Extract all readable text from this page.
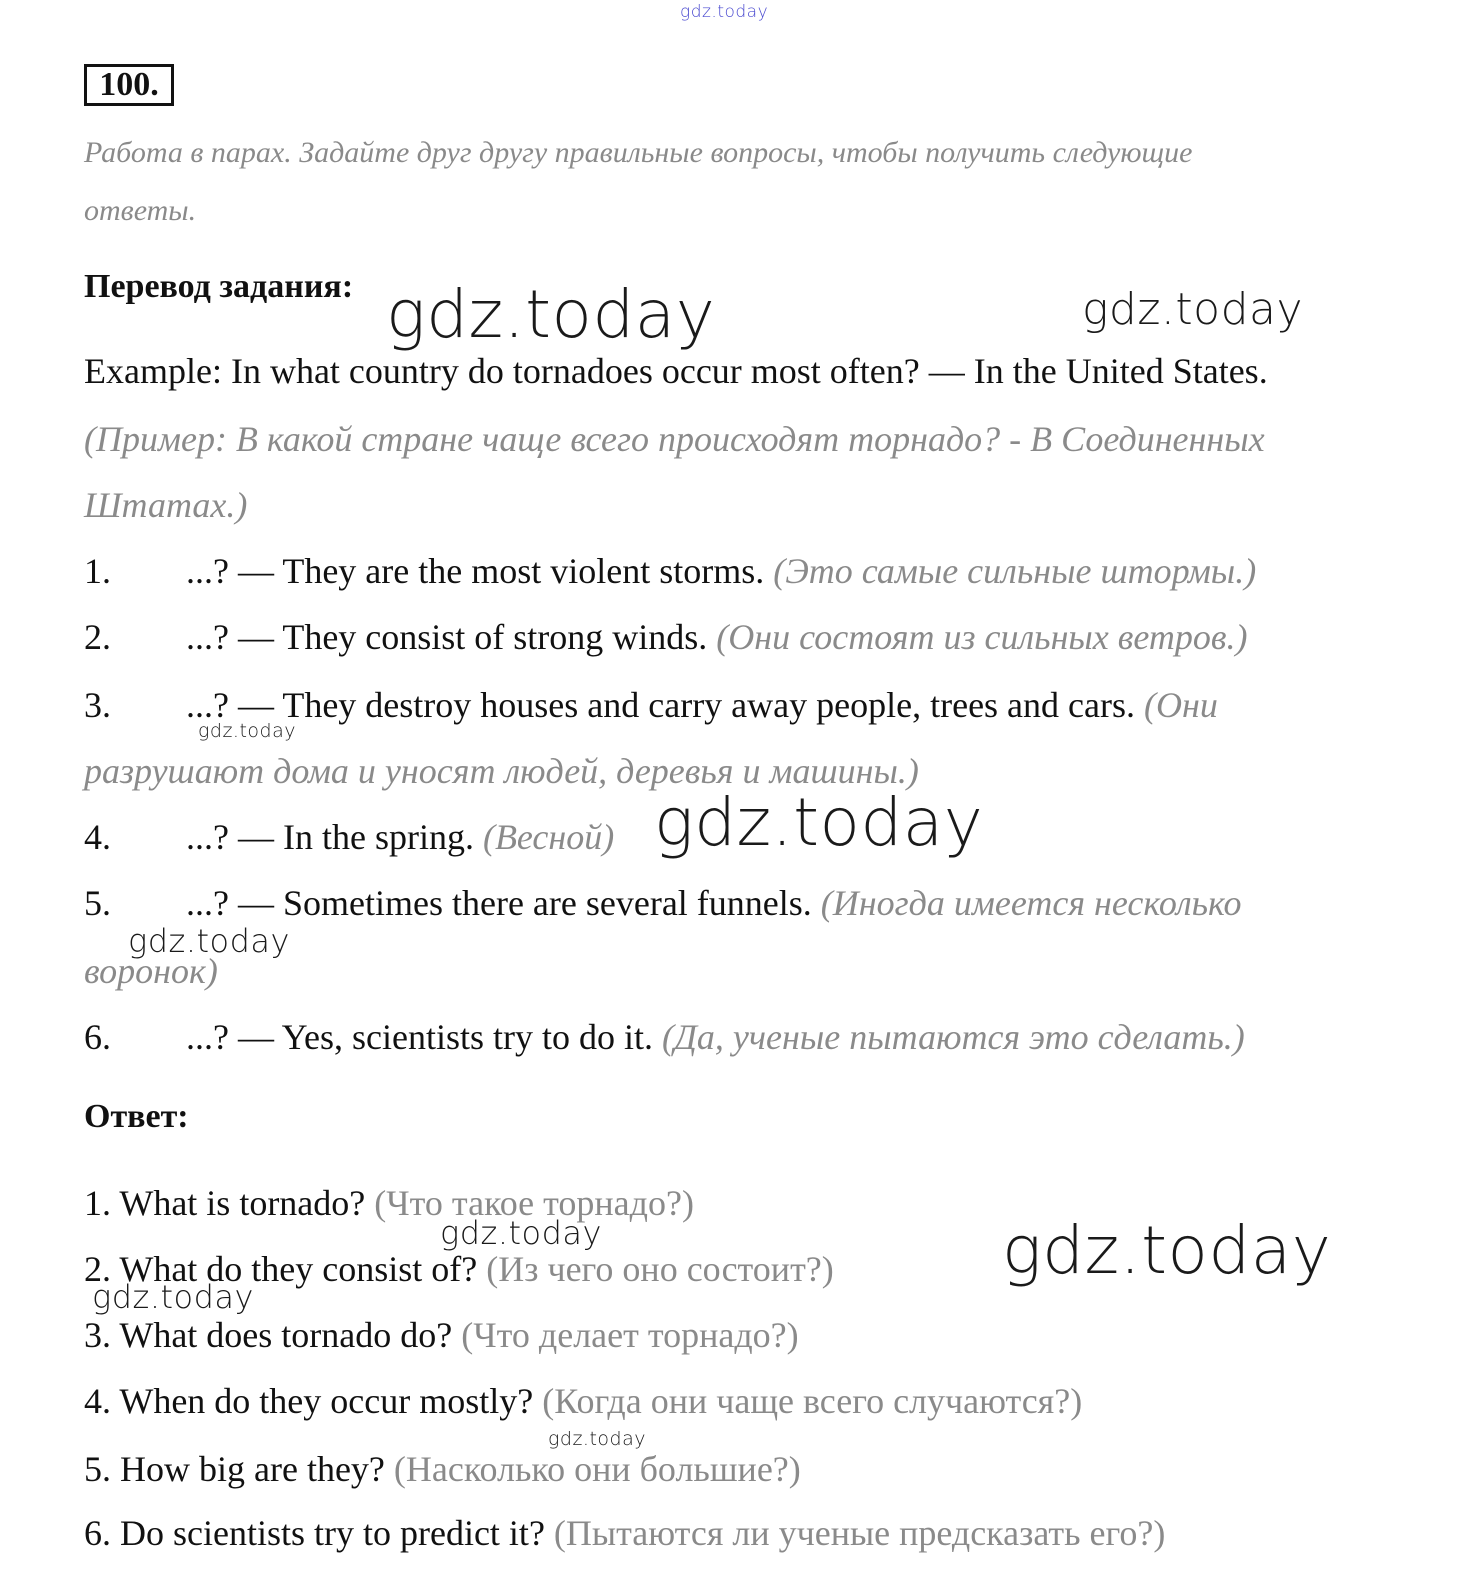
gdz.today
100.
Работа в парах. Задайте друг другу правильные вопросы, чтобы получить следующие
ответы.
Перевод задания: gdz.today	gdz.today
Example: In what country do tornadoes occur most often? — In the United States.
(Пример: В какой стране чаще всего происходят торнадо? - В Соединенных
Штатах.)
1. ...? — They are the most violent storms. (Это самые сильные штормы.)
2. ...? — They consist of strong winds. (Они состоят из сильных ветров.)
3. ...? — They destroy houses and carry away people, trees and cars. (Они
gdz.today
разрушают дома и уносят людей, деревья и машины.)
4. ...? — In the spring. (Весной) gdz.today
5. ...? — Sometimes there are several funnels. (Иногда имеется несколько
gdz.today
воронок)
6. ...? — Yes, scientists try to do it. (Да, ученые пытаются это сделать.)
Ответ:
1. What is tornado? (Что такое торнадо?)
gdz.today	gdz.today
2. What do they consist of? (Из чего оно состоит?)
gdz.today
3. What does tornado do? (Что делает торнадо?)
4. When do they occur mostly? (Когда они чаще всего случаются?)
gdz.today
5. How big are they? (Насколько они большие?)
6. Do scientists try to predict it? (Пытаются ли ученые предсказать его?)
